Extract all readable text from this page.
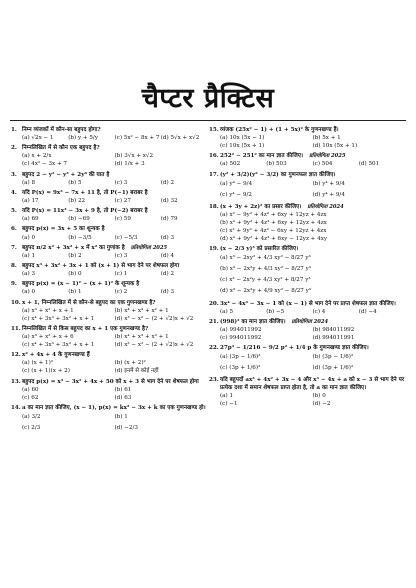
चैप्टर प्रैक्टिस
1. निम्न व्यंजकों में कौन-सा बहुपद होगा?
(a) √2x − 1	(b) y + 5/y	(c) 5x² − 8x + 7 (d) 5√x + x√2
2. निम्नलिखित में से कौन एक बहुपद है?
(a) x + 2/x	(b) 3√x + x√2
(c) 4x² − 3x + 7	(d) 1/x + 3
3. बहुपद 2 − y² − y³ + 2y⁸ की घात है
(a) 8	(b) 5	(c) 3	(d) 2
4. यदि P(x) = 9x³ − 7x + 11 है, तो P(−1) बराबर है
(a) 17	(b) 22	(c) 27	(d) 32
5. यदि P(x) = 11x³ − 3x + 9 है, तो P(−2) बराबर है
(a) 69	(b) −69	(c) 59	(d) 79
6. बहुपद p(x) = 3x + 5 का शून्यक है
(a) 0	(b) −3/5	(c) −5/3	(d) 3
7. बहुपद π/2 x² + 3x² + x में x² का गुणांक है प्रतियोगिता 2025
(a) 1	(b) 2	(c) 3	(d) 4
8. बहुपद x³ + 3x² + 3x + 1 को (x + 1) से भाग देने पर शेषफल होगा
(a) 3	(b) 0	(c) 1	(d) 2
9. बहुपद p(x) = (x − 1)² − (x + 1)² के शून्यक है
(a) 0	(b) 1	(c) 2	(d) 3
10. x + 1, निम्नलिखित में से कौन-से बहुपद का एक गुणनखण्ड है?
(a) x³ + x² + x + 1	(b) x⁴ + x³ + x² + 1
(c) x⁴ + 3x³ + 3x² + x + 1	(d) x³ − x² − (2 + √2)x + √2
11. निम्नलिखित में से किस बहुपद का x + 1 एक गुणनखण्ड है?
(a) x³ + x² + x + 6	(b) x⁴ + x³ + x² + 1
(c) x⁴ + 3x³ + 3x² + x + 1	(d) x³ − x² − (2 + √2)x + √2
12. x² + 4x + 4 के गुणनखण्ड हैं
(a) (x + 1)²	(b) (x + 2)²
(c) (x + 1)(x + 2)	(d) इनमें से कोई नहीं
13. बहुपद p(x) = x³ − 3x² + 4x + 50 को x + 3 से भाग देने पर शेषफल होगा
(a) 60	(b) 61
(c) 62	(d) 63
14. a का मान ज्ञात कीजिए, (x − 1), p(x) = kx² − 3x + k का एक गुणनखण्ड हो।
(a) 3/2	(b) 1
(c) 2/3	(d) −2/3
15. व्यंजक (25x² − 1) + (1 + 5x)² के गुणनखण्ड हैं।
(a) 10x (5x − 1)	(b) 5x + 1
(c) 10x (5x + 1)	(d) 10x (5x + 1)
16. 252² − 251² का मान ज्ञात कीजिए। प्रतियोगिता 2025
(a) 502	(b) 503	(c) 504	(d) 501
17. (y² + 3/2)(y² − 3/2) का गुणनफल ज्ञात कीजिए।
(a) y⁴ − 9/4	(b) y⁴ + 9/4
(c) y⁴ − 9/2	(d) y⁴ + 9/4
18. (x + 3y + 2z)² का प्रसार कीजिए। प्रतियोगिता 2024
(a) x² − 9y² + 4z² + 6xy + 12yz + 4zx
(b) x² + 9y² + 4z² + 6xy + 12yz + 4zx
(c) x² + 9y² + 4z² − 6xy + 12yz + 4zx
(d) x² + 9y² + 4z² + 6xy − 12yz + 4xy
19. (x − 2/3 y)³ को प्रसारित कीजिए।
(a) x³ − 2xy² + 4/3 xy² − 8/27 y³
(b) x³ − 2x²y + 4/3 xy² − 8/27 y³
(c) x³ − 2x²y + 4/3 xy² + 8/27 y³
(d) x³ − 2x²y + 4/9 xy² − 8/27 y³
20. 3x⁴ − 4x³ − 3x − 1 को (x − 1) से भाग देने पर प्राप्त शेषफल ज्ञात कीजिए।
(a) 5	(b) −5	(c) 4	(d) −4
21. (998)³ का मान ज्ञात कीजिए। प्रतियोगिता 2024
(a) 994011992	(b) 984011992
(c) 994011992	(d) 994011991
22. 27p³ − 1/216 − 9/2 p² + 1/4 p के गुणनखण्ड ज्ञात कीजिए।
(a) (3p − 1/6)³	(b) (3p − 1/6)²
(c) (3p + 1/6)³	(d) (3p + 1/6)²
23. यदि बहुपदों ax³ + 4x² + 3x − 4 और x³ − 4x + a को x − 3 से भाग देने पर प्रत्येक दशा में समान शेषफल प्राप्त होता है, तो a का मान ज्ञात कीजिए।
(a) 1	(b) 0
(c) −1	(d) −2
